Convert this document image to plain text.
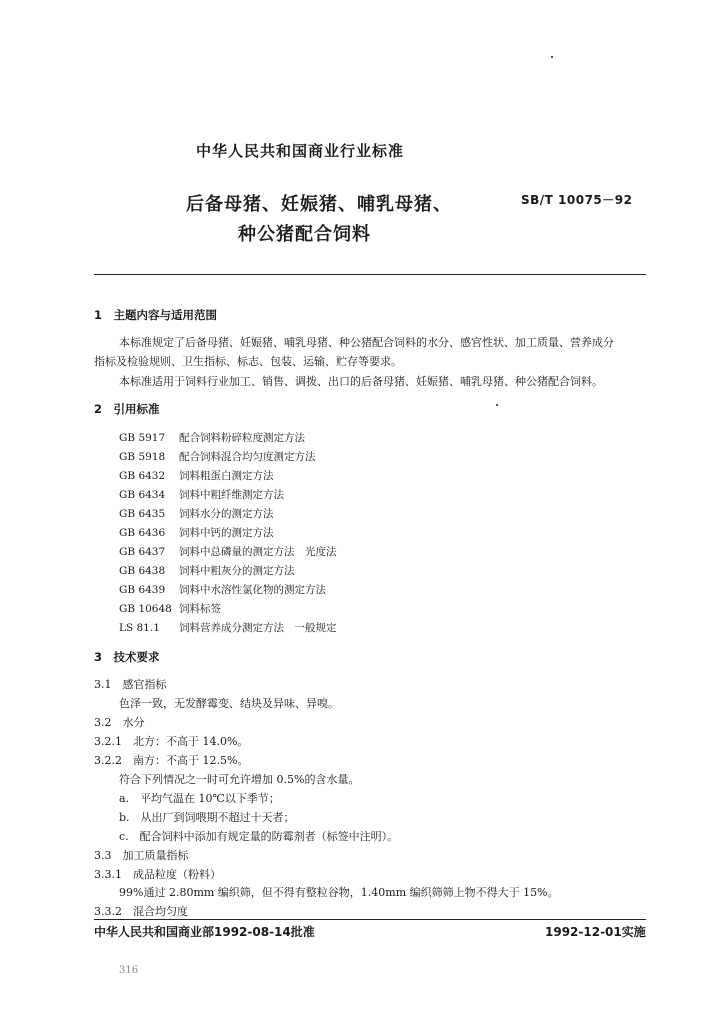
中华人民共和国商业行业标准
后备母猪、妊娠猪、哺乳母猪、
种公猪配合饲料
SB/T 10075－92
1　主题内容与适用范围
本标准规定了后备母猪、妊娠猪、哺乳母猪、种公猪配合饲料的水分、感官性状、加工质量、营养成分
指标及检验规则、卫生指标、标志、包装、运输、贮存等要求。
本标准适用于饲料行业加工、销售、调拨、出口的后备母猪、妊娠猪、哺乳母猪、种公猪配合饲料。
2　引用标准
GB 5917 配合饲料粉碎粒度测定方法
GB 5918 配合饲料混合均匀度测定方法
GB 6432 饲料粗蛋白测定方法
GB 6434 饲料中粗纤维测定方法
GB 6435 饲料水分的测定方法
GB 6436 饲料中钙的测定方法
GB 6437 饲料中总磷量的测定方法　光度法
GB 6438 饲料中粗灰分的测定方法
GB 6439 饲料中水溶性氯化物的测定方法
GB 10648 饲料标签
LS 81.1 饲料营养成分测定方法　一般规定
3　技术要求
3.1　感官指标
色泽一致，无发酵霉变、结块及异味、异嗅。
3.2　水分
3.2.1　北方：不高于 14.0%。
3.2.2　南方：不高于 12.5%。
符合下列情况之一时可允许增加 0.5%的含水量。
a.　平均气温在 10℃以下季节；
b.　从出厂到饲喂期不超过十天者；
c.　配合饲料中添加有规定量的防霉剂者（标签中注明）。
3.3　加工质量指标
3.3.1　成品粒度（粉料）
99%通过 2.80mm 编织筛，但不得有整粒谷物，1.40mm 编织筛筛上物不得大于 15%。
3.3.2　混合均匀度
中华人民共和国商业部1992-08-14批准	1992-12-01实施
316
